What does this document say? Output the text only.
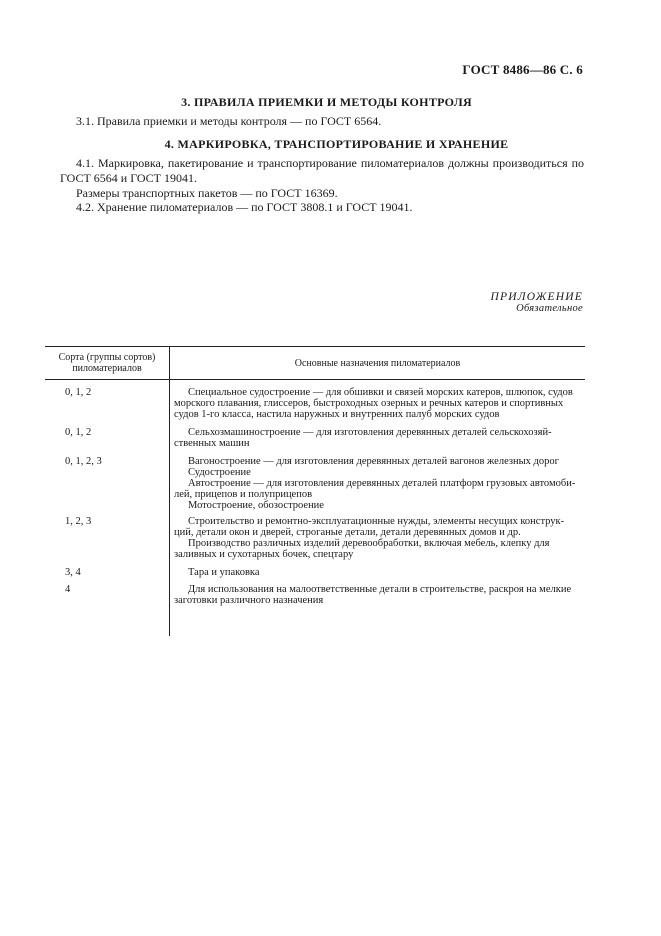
ГОСТ 8486—86 С. 6
3. ПРАВИЛА ПРИЕМКИ И МЕТОДЫ КОНТРОЛЯ
3.1. Правила приемки и методы контроля — по ГОСТ 6564.
4. МАРКИРОВКА, ТРАНСПОРТИРОВАНИЕ И ХРАНЕНИЕ
4.1. Маркировка, пакетирование и транспортирование пиломатериалов должны производиться по ГОСТ 6564 и ГОСТ 19041.
Размеры транспортных пакетов — по ГОСТ 16369.
4.2. Хранение пиломатериалов — по ГОСТ 3808.1 и ГОСТ 19041.
ПРИЛОЖЕНИЕ
Обязательное
Сорта (группы сортов) пиломатериалов	Основные назначения пиломатериалов
0, 1, 2	Специальное судостроение — для обшивки и связей морских катеров, шлюпок, судов
морского плавания, глиссеров, быстроходных озерных и речных катеров и спортивных
судов 1-го класса, настила наружных и внутренних палуб морских судов
0, 1, 2	Сельхозмашиностроение — для изготовления деревянных деталей сельскохозяй-
ственных машин
0, 1, 2, 3	Вагоностроение — для изготовления деревянных деталей вагонов железных дорог
Судостроение
Автостроение — для изготовления деревянных деталей платформ грузовых автомоби-
лей, прицепов и полуприцепов
Мотостроение, обозостроение
1, 2, 3	Строительство и ремонтно-эксплуатационные нужды, элементы несущих конструк-
ций, детали окон и дверей, строганые детали, детали деревянных домов и др.
Производство различных изделий деревообработки, включая мебель, клепку для
заливных и сухотарных бочек, спецтару
3, 4	Тара и упаковка
4	Для использования на малоответственные детали в строительстве, раскроя на мелкие
заготовки различного назначения
